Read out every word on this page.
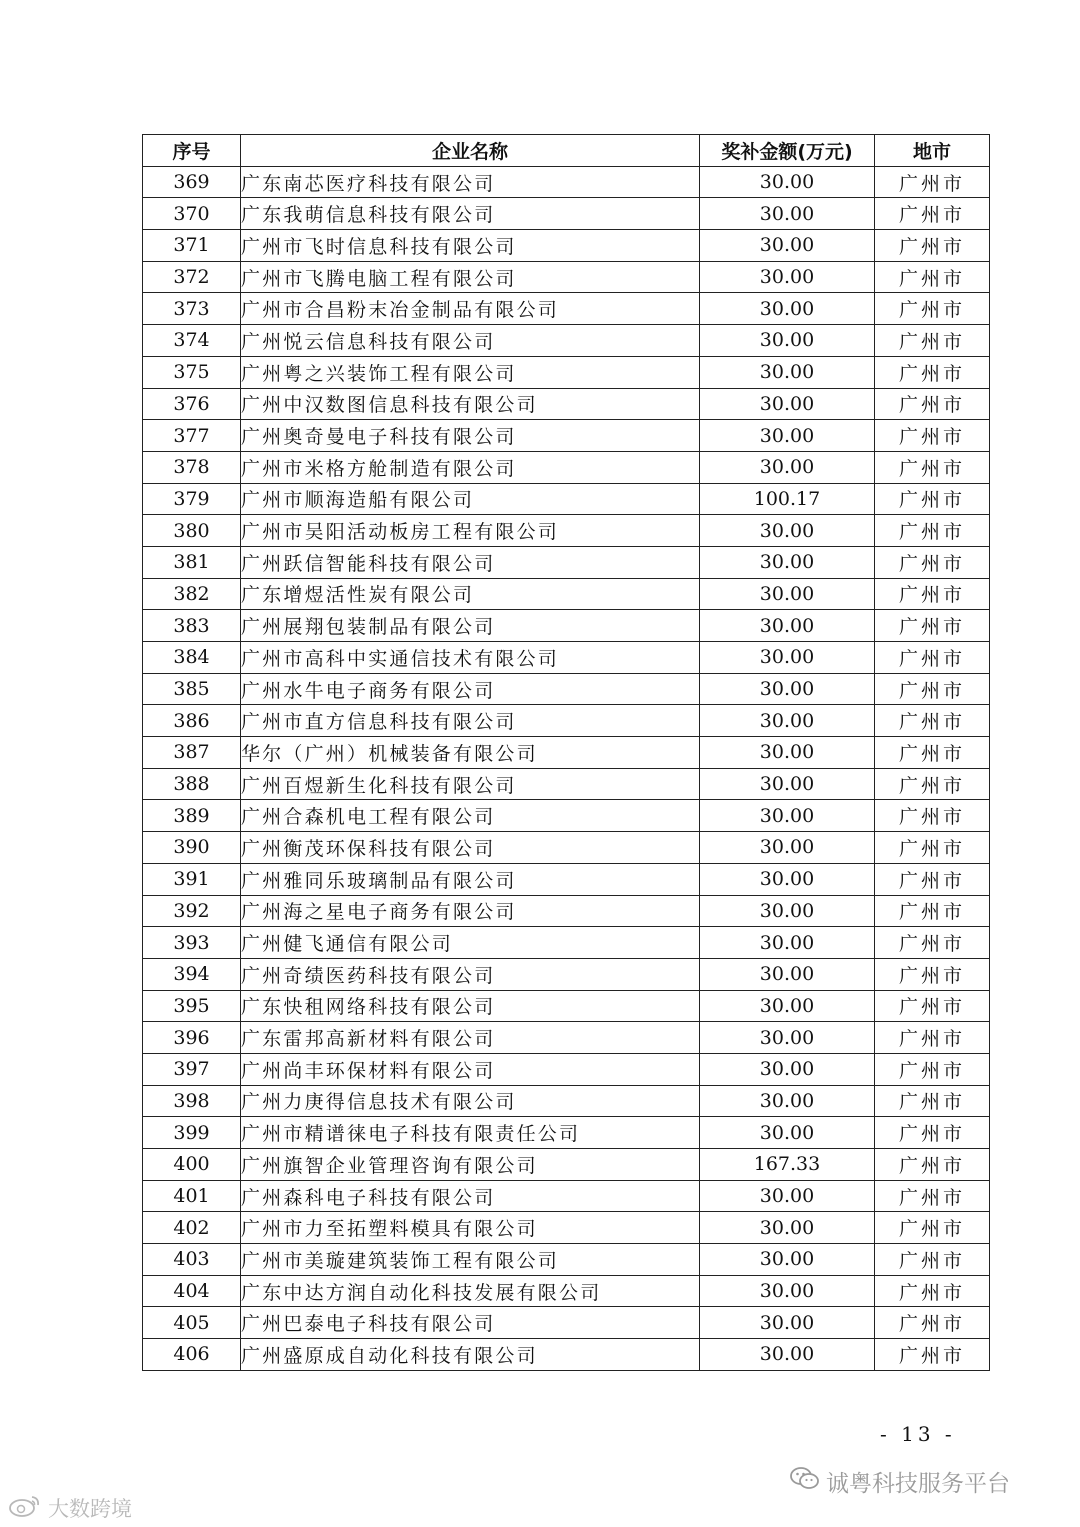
序号	企业名称	奖补金额(万元)	地市
369	广东南芯医疗科技有限公司	30.00	广州市
370	广东我萌信息科技有限公司	30.00	广州市
371	广州市飞时信息科技有限公司	30.00	广州市
372	广州市飞腾电脑工程有限公司	30.00	广州市
373	广州市合昌粉末冶金制品有限公司	30.00	广州市
374	广州悦云信息科技有限公司	30.00	广州市
375	广州粤之兴装饰工程有限公司	30.00	广州市
376	广州中汉数图信息科技有限公司	30.00	广州市
377	广州奥奇曼电子科技有限公司	30.00	广州市
378	广州市米格方舱制造有限公司	30.00	广州市
379	广州市顺海造船有限公司	100.17	广州市
380	广州市吴阳活动板房工程有限公司	30.00	广州市
381	广州跃信智能科技有限公司	30.00	广州市
382	广东增煜活性炭有限公司	30.00	广州市
383	广州展翔包装制品有限公司	30.00	广州市
384	广州市高科中实通信技术有限公司	30.00	广州市
385	广州水牛电子商务有限公司	30.00	广州市
386	广州市直方信息科技有限公司	30.00	广州市
387	华尔（广州）机械装备有限公司	30.00	广州市
388	广州百煜新生化科技有限公司	30.00	广州市
389	广州合森机电工程有限公司	30.00	广州市
390	广州衡茂环保科技有限公司	30.00	广州市
391	广州雅同乐玻璃制品有限公司	30.00	广州市
392	广州海之星电子商务有限公司	30.00	广州市
393	广州健飞通信有限公司	30.00	广州市
394	广州奇绩医药科技有限公司	30.00	广州市
395	广东快租网络科技有限公司	30.00	广州市
396	广东雷邦高新材料有限公司	30.00	广州市
397	广州尚丰环保材料有限公司	30.00	广州市
398	广州力庚得信息技术有限公司	30.00	广州市
399	广州市精谱徕电子科技有限责任公司	30.00	广州市
400	广州旗智企业管理咨询有限公司	167.33	广州市
401	广州森科电子科技有限公司	30.00	广州市
402	广州市力至拓塑料模具有限公司	30.00	广州市
403	广州市美璇建筑装饰工程有限公司	30.00	广州市
404	广东中达方润自动化科技发展有限公司	30.00	广州市
405	广州巴泰电子科技有限公司	30.00	广州市
406	广州盛原成自动化科技有限公司	30.00	广州市
- 13 -
诚粤科技服务平台
大数跨境
